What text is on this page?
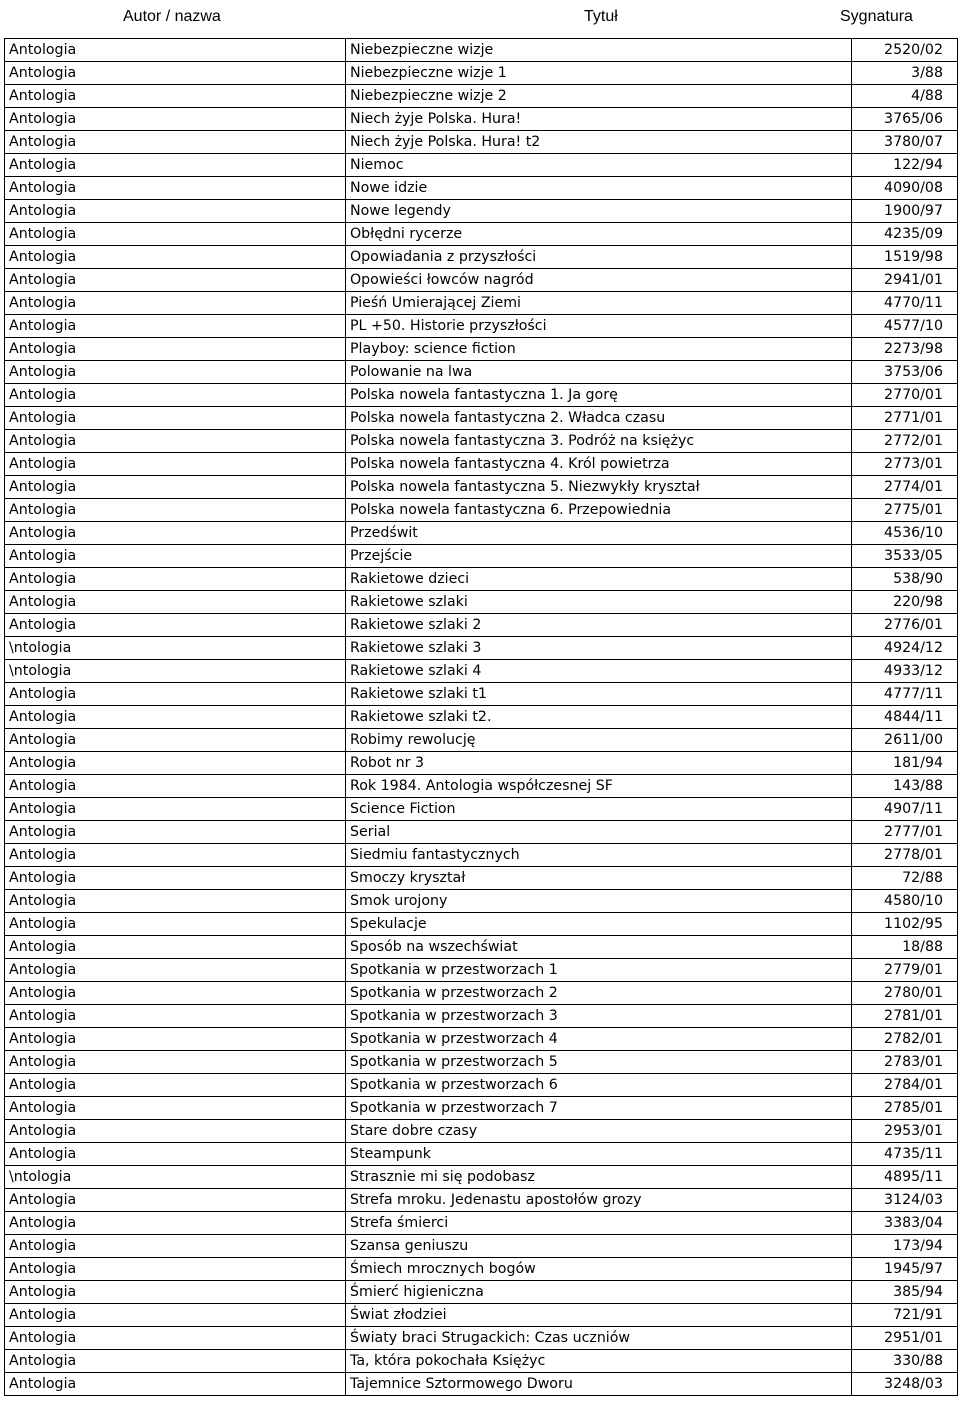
Autor / nazwa	Tytuł	Sygnatura
Antologia	Niebezpieczne wizje	2520/02
Antologia	Niebezpieczne wizje 1	3/88
Antologia	Niebezpieczne wizje 2	4/88
Antologia	Niech żyje Polska. Hura!	3765/06
Antologia	Niech żyje Polska. Hura! t2	3780/07
Antologia	Niemoc	122/94
Antologia	Nowe idzie	4090/08
Antologia	Nowe legendy	1900/97
Antologia	Obłędni rycerze	4235/09
Antologia	Opowiadania z przyszłości	1519/98
Antologia	Opowieści łowców nagród	2941/01
Antologia	Pieśń Umierającej Ziemi	4770/11
Antologia	PL +50. Historie przyszłości	4577/10
Antologia	Playboy: science fiction	2273/98
Antologia	Polowanie na lwa	3753/06
Antologia	Polska nowela fantastyczna 1. Ja gorę	2770/01
Antologia	Polska nowela fantastyczna 2. Władca czasu	2771/01
Antologia	Polska nowela fantastyczna 3. Podróż na księżyc	2772/01
Antologia	Polska nowela fantastyczna 4. Król powietrza	2773/01
Antologia	Polska nowela fantastyczna 5. Niezwykły kryształ	2774/01
Antologia	Polska nowela fantastyczna 6. Przepowiednia	2775/01
Antologia	Przedświt	4536/10
Antologia	Przejście	3533/05
Antologia	Rakietowe dzieci	538/90
Antologia	Rakietowe szlaki	220/98
Antologia	Rakietowe szlaki 2	2776/01
\ntologia	Rakietowe szlaki 3	4924/12
\ntologia	Rakietowe szlaki 4	4933/12
Antologia	Rakietowe szlaki t1	4777/11
Antologia	Rakietowe szlaki t2.	4844/11
Antologia	Robimy rewolucję	2611/00
Antologia	Robot nr 3	181/94
Antologia	Rok 1984. Antologia współczesnej SF	143/88
Antologia	Science Fiction	4907/11
Antologia	Serial	2777/01
Antologia	Siedmiu fantastycznych	2778/01
Antologia	Smoczy kryształ	72/88
Antologia	Smok urojony	4580/10
Antologia	Spekulacje	1102/95
Antologia	Sposób na wszechświat	18/88
Antologia	Spotkania w przestworzach 1	2779/01
Antologia	Spotkania w przestworzach 2	2780/01
Antologia	Spotkania w przestworzach 3	2781/01
Antologia	Spotkania w przestworzach 4	2782/01
Antologia	Spotkania w przestworzach 5	2783/01
Antologia	Spotkania w przestworzach 6	2784/01
Antologia	Spotkania w przestworzach 7	2785/01
Antologia	Stare dobre czasy	2953/01
Antologia	Steampunk	4735/11
\ntologia	Strasznie mi się podobasz	4895/11
Antologia	Strefa mroku. Jedenastu apostołów grozy	3124/03
Antologia	Strefa śmierci	3383/04
Antologia	Szansa geniuszu	173/94
Antologia	Śmiech mrocznych bogów	1945/97
Antologia	Śmierć higieniczna	385/94
Antologia	Świat złodziei	721/91
Antologia	Światy braci Strugackich: Czas uczniów	2951/01
Antologia	Ta, która pokochała Księżyc	330/88
Antologia	Tajemnice Sztormowego Dworu	3248/03
